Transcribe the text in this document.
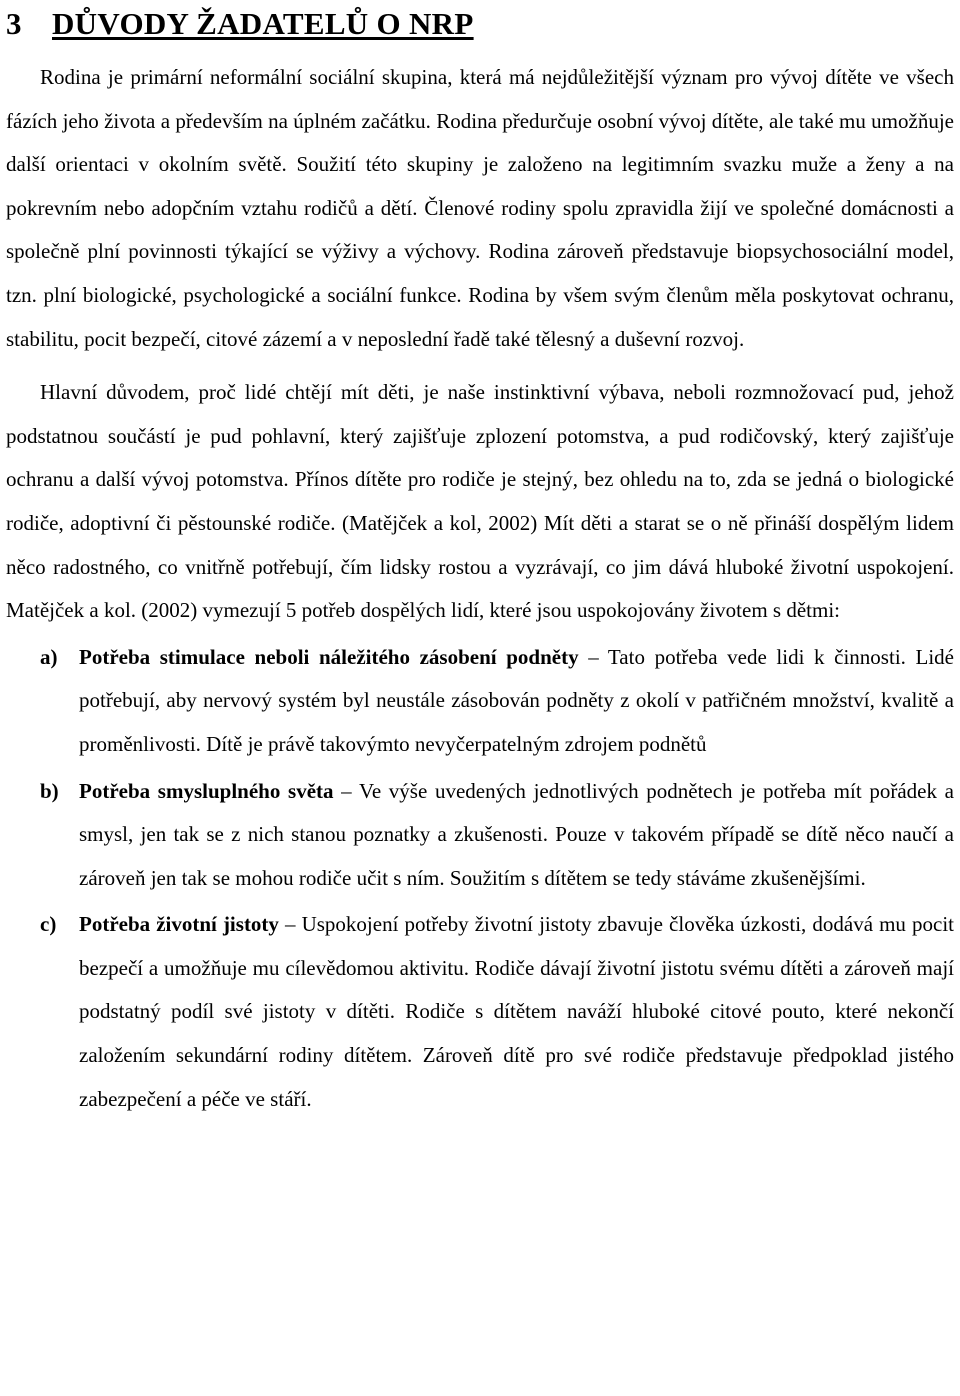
3 DŮVODY ŽADATELŮ O NRP

Rodina je primární neformální sociální skupina, která má nejdůležitější význam pro vývoj dítěte ve všech fázích jeho života a především na úplném začátku. Rodina předurčuje osobní vývoj dítěte, ale také mu umožňuje další orientaci v okolním světě. Soužití této skupiny je založeno na legitimním svazku muže a ženy a na pokrevním nebo adopčním vztahu rodičů a dětí. Členové rodiny spolu zpravidla žijí ve společné domácnosti a společně plní povinnosti týkající se výživy a výchovy. Rodina zároveň představuje biopsychosociální model, tzn. plní biologické, psychologické a sociální funkce. Rodina by všem svým členům měla poskytovat ochranu, stabilitu, pocit bezpečí, citové zázemí a v neposlední řadě také tělesný a duševní rozvoj.

Hlavní důvodem, proč lidé chtějí mít děti, je naše instinktivní výbava, neboli rozmnožovací pud, jehož podstatnou součástí je pud pohlavní, který zajišťuje zplození potomstva, a pud rodičovský, který zajišťuje ochranu a další vývoj potomstva. Přínos dítěte pro rodiče je stejný, bez ohledu na to, zda se jedná o biologické rodiče, adoptivní či pěstounské rodiče. (Matějček a kol, 2002) Mít děti a starat se o ně přináší dospělým lidem něco radostného, co vnitřně potřebují, čím lidsky rostou a vyzrávají, co jim dává hluboké životní uspokojení. Matějček a kol. (2002) vymezují 5 potřeb dospělých lidí, které jsou uspokojovány životem s dětmi:

a) Potřeba stimulace neboli náležitého zásobení podněty – Tato potřeba vede lidi k činnosti. Lidé potřebují, aby nervový systém byl neustále zásobován podněty z okolí v patřičném množství, kvalitě a proměnlivosti. Dítě je právě takovýmto nevyčerpatelným zdrojem podnětů
b) Potřeba smysluplného světa – Ve výše uvedených jednotlivých podnětech je potřeba mít pořádek a smysl, jen tak se z nich stanou poznatky a zkušenosti. Pouze v takovém případě se dítě něco naučí a zároveň jen tak se mohou rodiče učit s ním. Soužitím s dítětem se tedy stáváme zkušenějšími.
c) Potřeba životní jistoty – Uspokojení potřeby životní jistoty zbavuje člověka úzkosti, dodává mu pocit bezpečí a umožňuje mu cílevědomou aktivitu. Rodiče dávají životní jistotu svému dítěti a zároveň mají podstatný podíl své jistoty v dítěti. Rodiče s dítětem naváží hluboké citové pouto, které nekončí založením sekundární rodiny dítětem. Zároveň dítě pro své rodiče představuje předpoklad jistého zabezpečení a péče ve stáří.
